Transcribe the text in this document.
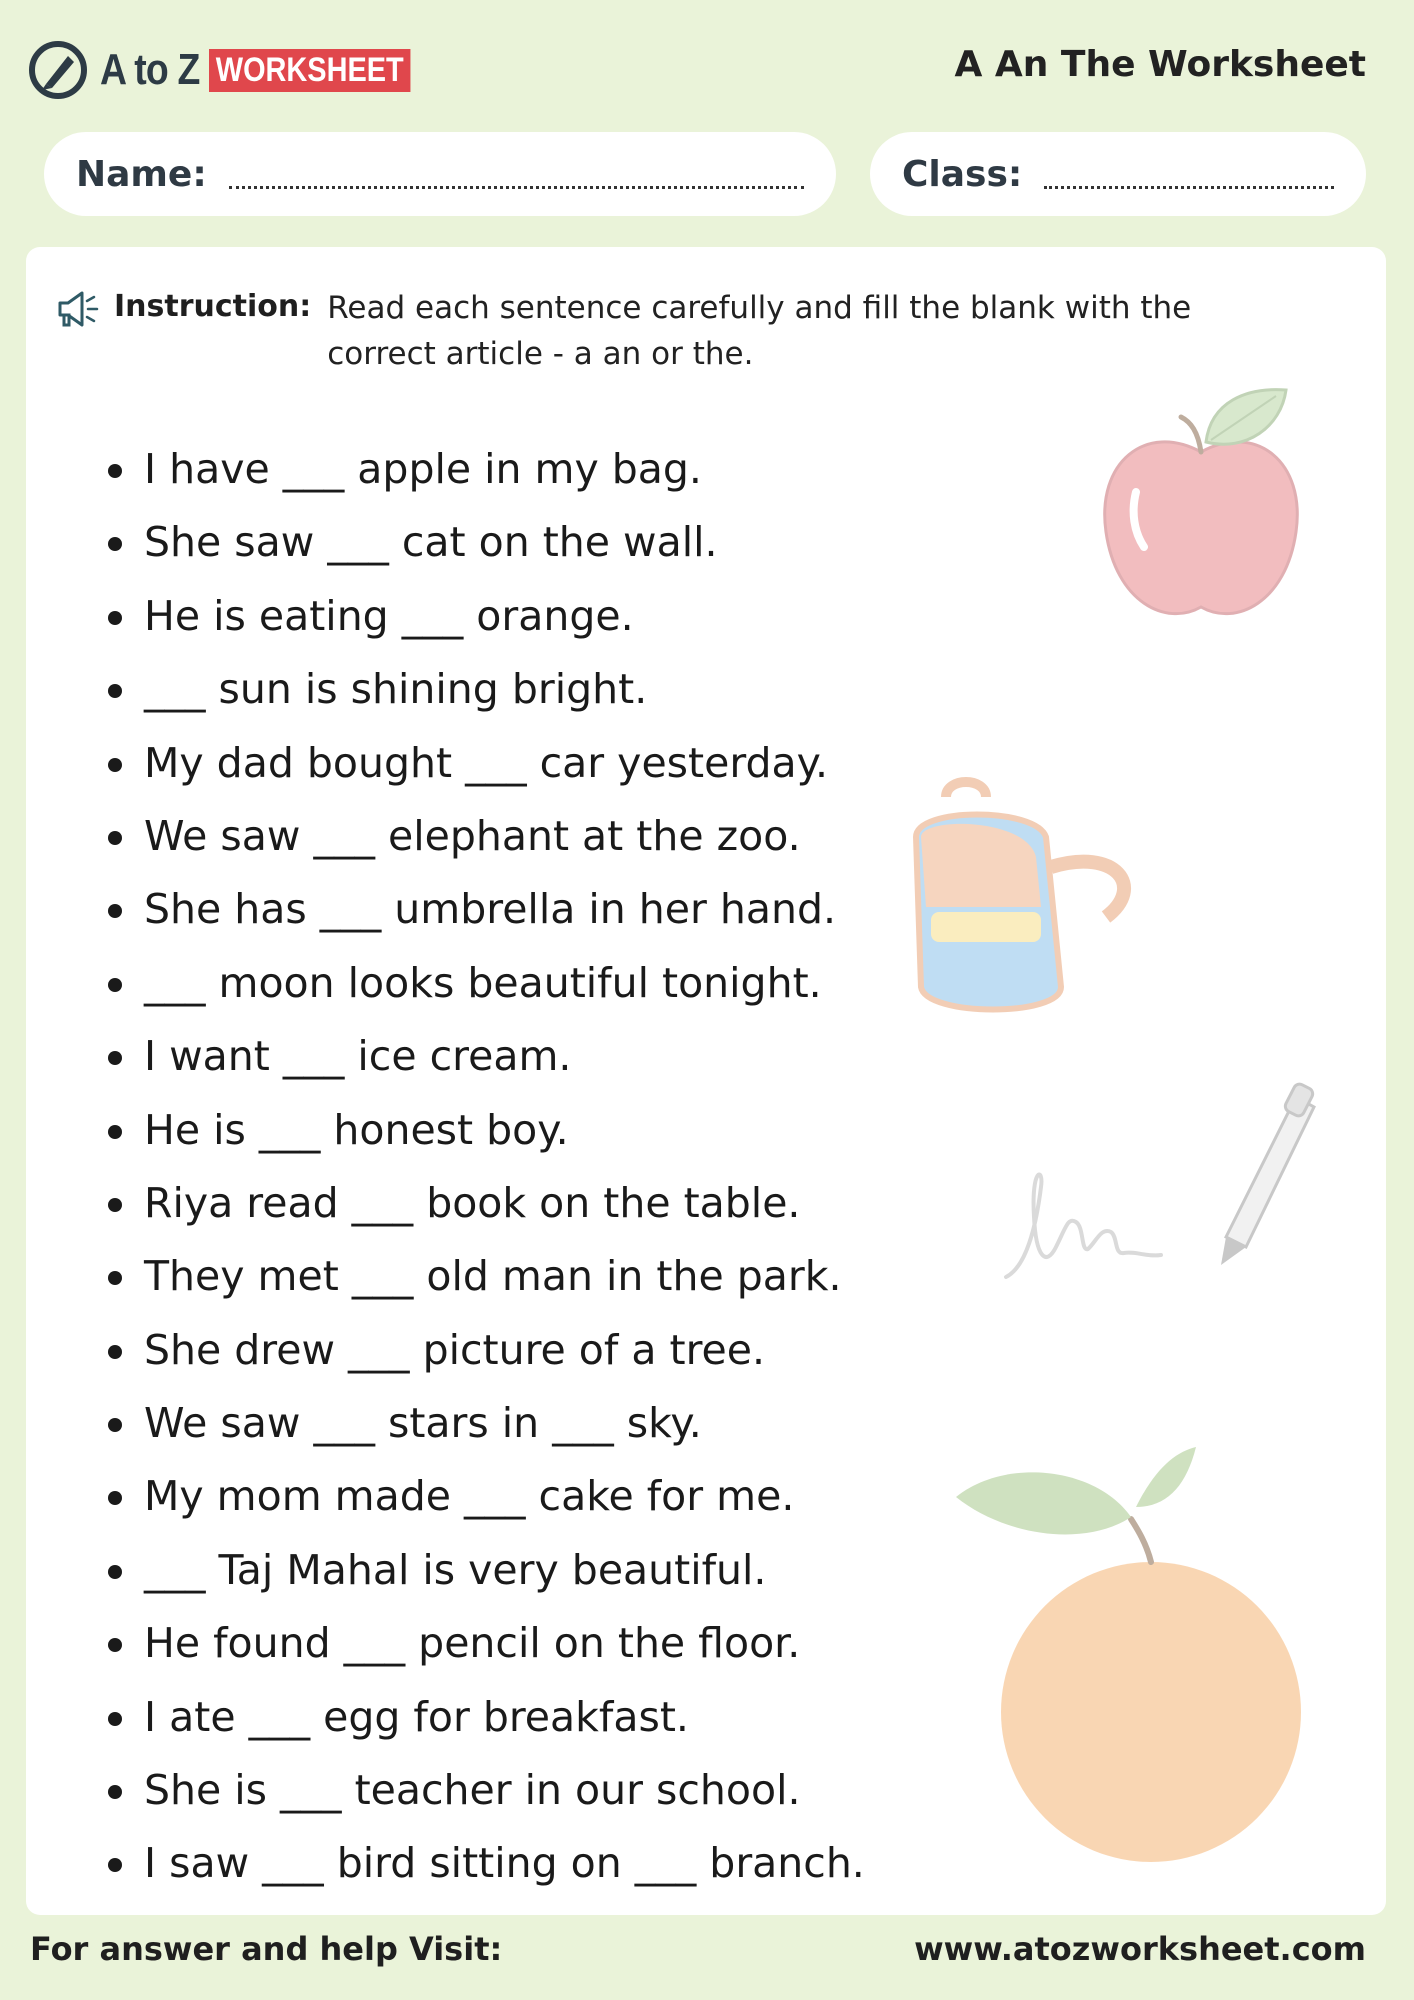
A to Z WORKSHEET	A An The Worksheet
Name:	Class:
Instruction: Read each sentence carefully and fill the blank with the correct article - a an or the.
I have ___ apple in my bag.
She saw ___ cat on the wall.
He is eating ___ orange.
___ sun is shining bright.
My dad bought ___ car yesterday.
We saw ___ elephant at the zoo.
She has ___ umbrella in her hand.
___ moon looks beautiful tonight.
I want ___ ice cream.
He is ___ honest boy.
Riya read ___ book on the table.
They met ___ old man in the park.
She drew ___ picture of a tree.
We saw ___ stars in ___ sky.
My mom made ___ cake for me.
___ Taj Mahal is very beautiful.
He found ___ pencil on the floor.
I ate ___ egg for breakfast.
She is ___ teacher in our school.
I saw ___ bird sitting on ___ branch.
For answer and help Visit:	www.atozworksheet.com
